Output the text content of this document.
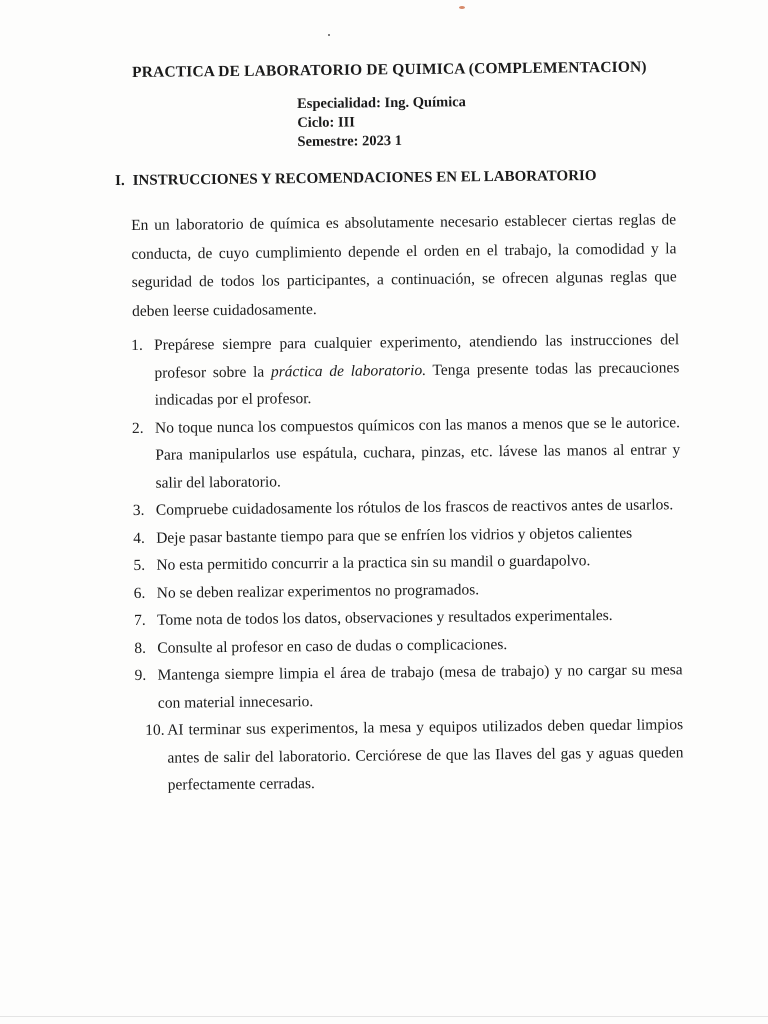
PRACTICA DE LABORATORIO DE QUIMICA (COMPLEMENTACION)
Especialidad: Ing. Química
Ciclo: III
Semestre: 2023 1
I. INSTRUCCIONES Y RECOMENDACIONES EN EL LABORATORIO
En un laboratorio de química es absolutamente necesario establecer ciertas reglas de conducta, de cuyo cumplimiento depende el orden en el trabajo, la comodidad y la seguridad de todos los participantes, a continuación, se ofrecen algunas reglas que deben leerse cuidadosamente.
1. Prepárese siempre para cualquier experimento, atendiendo las instrucciones del profesor sobre la práctica de laboratorio. Tenga presente todas las precauciones indicadas por el profesor.
2. No toque nunca los compuestos químicos con las manos a menos que se le autorice. Para manipularlos use espátula, cuchara, pinzas, etc. lávese las manos al entrar y salir del laboratorio.
3. Compruebe cuidadosamente los rótulos de los frascos de reactivos antes de usarlos.
4. Deje pasar bastante tiempo para que se enfríen los vidrios y objetos calientes
5. No esta permitido concurrir a la practica sin su mandil o guardapolvo.
6. No se deben realizar experimentos no programados.
7. Tome nota de todos los datos, observaciones y resultados experimentales.
8. Consulte al profesor en caso de dudas o complicaciones.
9. Mantenga siempre limpia el área de trabajo (mesa de trabajo) y no cargar su mesa con material innecesario.
10. AI terminar sus experimentos, la mesa y equipos utilizados deben quedar limpios antes de salir del laboratorio. Cerciórese de que las Ilaves del gas y aguas queden perfectamente cerradas.
